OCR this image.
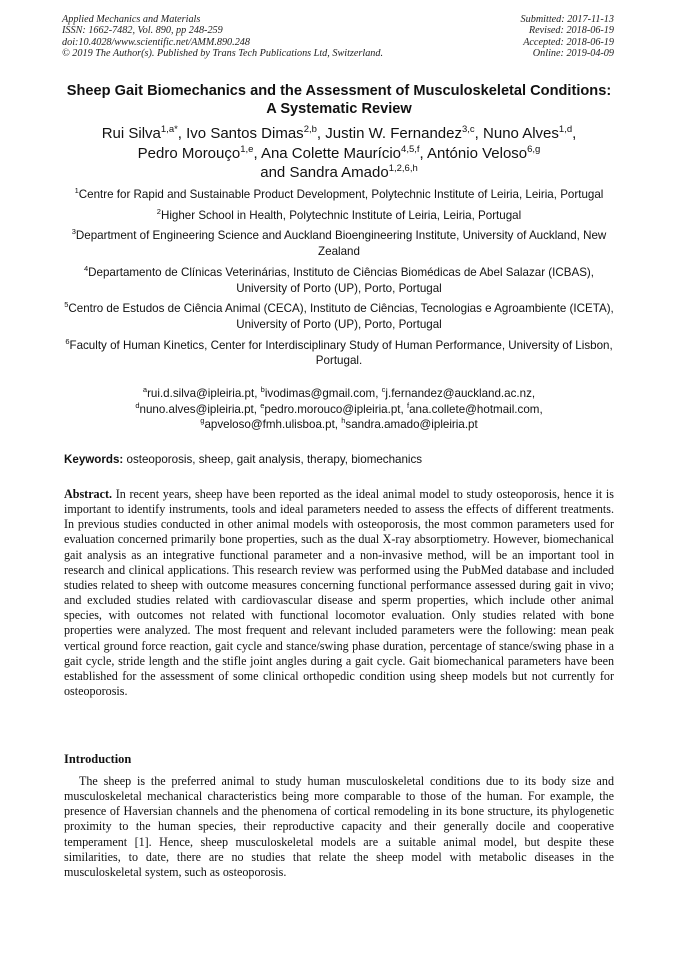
Applied Mechanics and Materials
ISSN: 1662-7482, Vol. 890, pp 248-259
doi:10.4028/www.scientific.net/AMM.890.248
© 2019 The Author(s). Published by Trans Tech Publications Ltd, Switzerland.
Submitted: 2017-11-13
Revised: 2018-06-19
Accepted: 2018-06-19
Online: 2019-04-09
Sheep Gait Biomechanics and the Assessment of Musculoskeletal Conditions: A Systematic Review
Rui Silva$^{1,a*}$, Ivo Santos Dimas$^{2,b}$, Justin W. Fernandez$^{3,c}$, Nuno Alves$^{1,d}$,
Pedro Morouço$^{1,e}$, Ana Colette Maurício$^{4,5,f}$, António Veloso$^{6,g}$
and Sandra Amado$^{1,2,6,h}$

$^1$Centre for Rapid and Sustainable Product Development, Polytechnic Institute of Leiria, Leiria, Portugal

$^2$Higher School in Health, Polytechnic Institute of Leiria, Leiria, Portugal

$^3$Department of Engineering Science and Auckland Bioengineering Institute, University of Auckland, New Zealand

$^4$Departamento de Clínicas Veterinárias, Instituto de Ciências Biomédicas de Abel Salazar (ICBAS), University of Porto (UP), Porto, Portugal

$^5$Centro de Estudos de Ciência Animal (CECA), Instituto de Ciências, Tecnologias e Agroambiente (ICETA), University of Porto (UP), Porto, Portugal

$^6$Faculty of Human Kinetics, Center for Interdisciplinary Study of Human Performance, University of Lisbon, Portugal.

$^a$rui.d.silva@ipleiria.pt, $^b$ivodimas@gmail.com, $^c$j.fernandez@auckland.ac.nz,
$^d$nuno.alves@ipleiria.pt, $^e$pedro.morouco@ipleiria.pt, $^f$ana.collete@hotmail.com,
$^g$apveloso@fmh.ulisboa.pt, $^h$sandra.amado@ipleiria.pt
Keywords: osteoporosis, sheep, gait analysis, therapy, biomechanics

Abstract. In recent years, sheep have been reported as the ideal animal model to study osteoporosis, hence it is important to identify instruments, tools and ideal parameters needed to assess the effects of different treatments. In previous studies conducted in other animal models with osteoporosis, the most common parameters used for evaluation concerned primarily bone properties, such as the dual X-ray absorptiometry. However, biomechanical gait analysis as an integrative functional parameter and a non-invasive method, will be an important tool in research and clinical applications. This research review was performed using the PubMed database and included studies related to sheep with outcome measures concerning functional performance assessed during gait in vivo; and excluded studies related with cardiovascular disease and sperm properties, which include other animal species, with outcomes not related with functional locomotor evaluation. Only studies related with bone properties were analyzed. The most frequent and relevant included parameters were the following: mean peak vertical ground force reaction, gait cycle and stance/swing phase duration, percentage of stance/swing phase in a gait cycle, stride length and the stifle joint angles during a gait cycle. Gait biomechanical parameters have been established for the assessment of some clinical orthopedic condition using sheep models but not currently for osteoporosis.

Introduction

The sheep is the preferred animal to study human musculoskeletal conditions due to its body size and musculoskeletal mechanical characteristics being more comparable to those of the human. For example, the presence of Haversian channels and the phenomena of cortical remodeling in its bone structure, its phylogenetic proximity to the human species, their reproductive capacity and their generally docile and cooperative temperament [1]. Hence, sheep musculoskeletal models are a suitable animal model, but despite these similarities, to date, there are no studies that relate the sheep model with metabolic diseases in the musculoskeletal system, such as osteoporosis.
